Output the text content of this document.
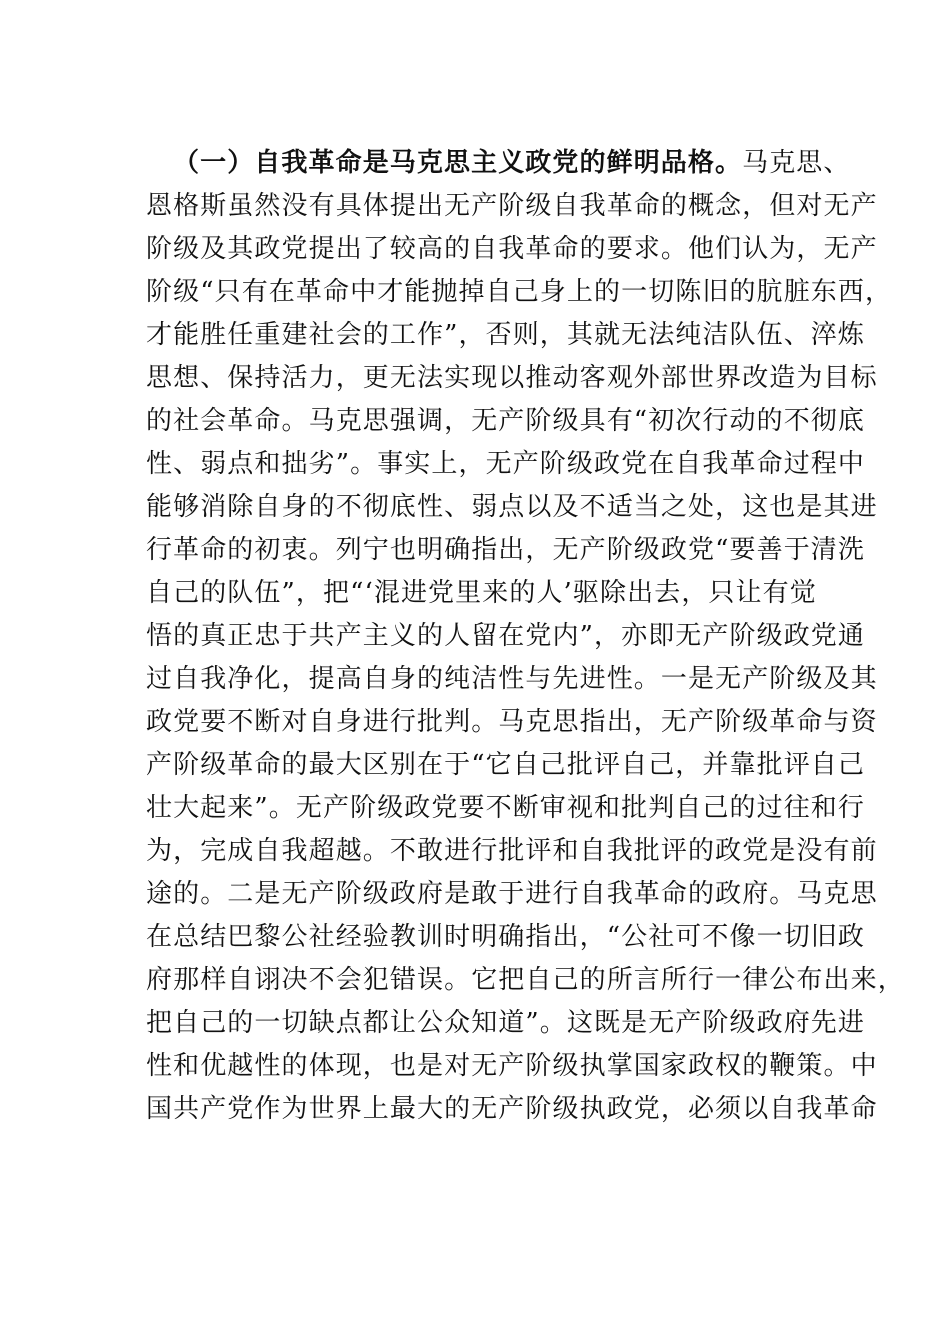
（一）自我革命是马克思主义政党的鲜明品格。马克思、
恩格斯虽然没有具体提出无产阶级自我革命的概念，但对无产
阶级及其政党提出了较高的自我革命的要求。他们认为，无产
阶级“只有在革命中才能抛掉自己身上的一切陈旧的肮脏东西，
才能胜任重建社会的工作”，否则，其就无法纯洁队伍、淬炼
思想、保持活力，更无法实现以推动客观外部世界改造为目标
的社会革命。马克思强调，无产阶级具有“初次行动的不彻底
性、弱点和拙劣”。事实上，无产阶级政党在自我革命过程中
能够消除自身的不彻底性、弱点以及不适当之处，这也是其进
行革命的初衷。列宁也明确指出，无产阶级政党“要善于清洗
自己的队伍”，把“‘混进党里来的人’驱除出去，只让有觉
悟的真正忠于共产主义的人留在党内”，亦即无产阶级政党通
过自我净化，提高自身的纯洁性与先进性。一是无产阶级及其
政党要不断对自身进行批判。马克思指出，无产阶级革命与资
产阶级革命的最大区别在于“它自己批评自己，并靠批评自己
壮大起来”。无产阶级政党要不断审视和批判自己的过往和行
为，完成自我超越。不敢进行批评和自我批评的政党是没有前
途的。二是无产阶级政府是敢于进行自我革命的政府。马克思
在总结巴黎公社经验教训时明确指出，“公社可不像一切旧政
府那样自诩决不会犯错误。它把自己的所言所行一律公布出来，
把自己的一切缺点都让公众知道”。这既是无产阶级政府先进
性和优越性的体现，也是对无产阶级执掌国家政权的鞭策。中
国共产党作为世界上最大的无产阶级执政党，必须以自我革命
